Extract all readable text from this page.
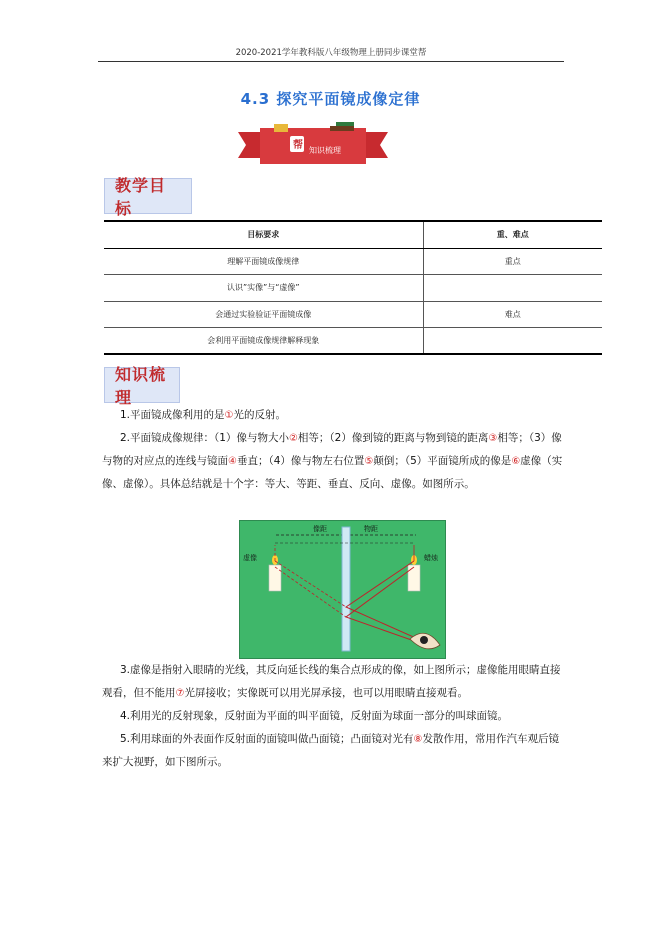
2020-2021学年教科版八年级物理上册同步课堂帮
4.3 探究平面镜成像定律
知识梳理
帮
教学目标
目标要求	重、难点
理解平面镜成像规律	重点
认识”实像”与“虚像”	
会通过实验验证平面镜成像	难点
会利用平面镜成像规律解释现象	
知识梳理

1.平面镜成像利用的是①光的反射。

2.平面镜成像规律：（1）像与物大小②相等；（2）像到镜的距离与物到镜的距离③相等；（3）像与物的对应点的连线与镜面④垂直；（4）像与物左右位置⑤颠倒；（5）平面镜所成的像是⑥虚像（实像、虚像）。具体总结就是十个字：等大、等距、垂直、反向、虚像。如图所示。

像距	物距
虚像	蜡烛

3.虚像是指射入眼睛的光线，其反向延长线的集合点形成的像，如上图所示；虚像能用眼睛直接观看，但不能用⑦光屏接收；实像既可以用光屏承接，也可以用眼睛直接观看。

4.利用光的反射现象，反射面为平面的叫平面镜，反射面为球面一部分的叫球面镜。

5.利用球面的外表面作反射面的面镜叫做凸面镜；凸面镜对光有⑧发散作用，常用作汽车观后镜来扩大视野，如下图所示。
